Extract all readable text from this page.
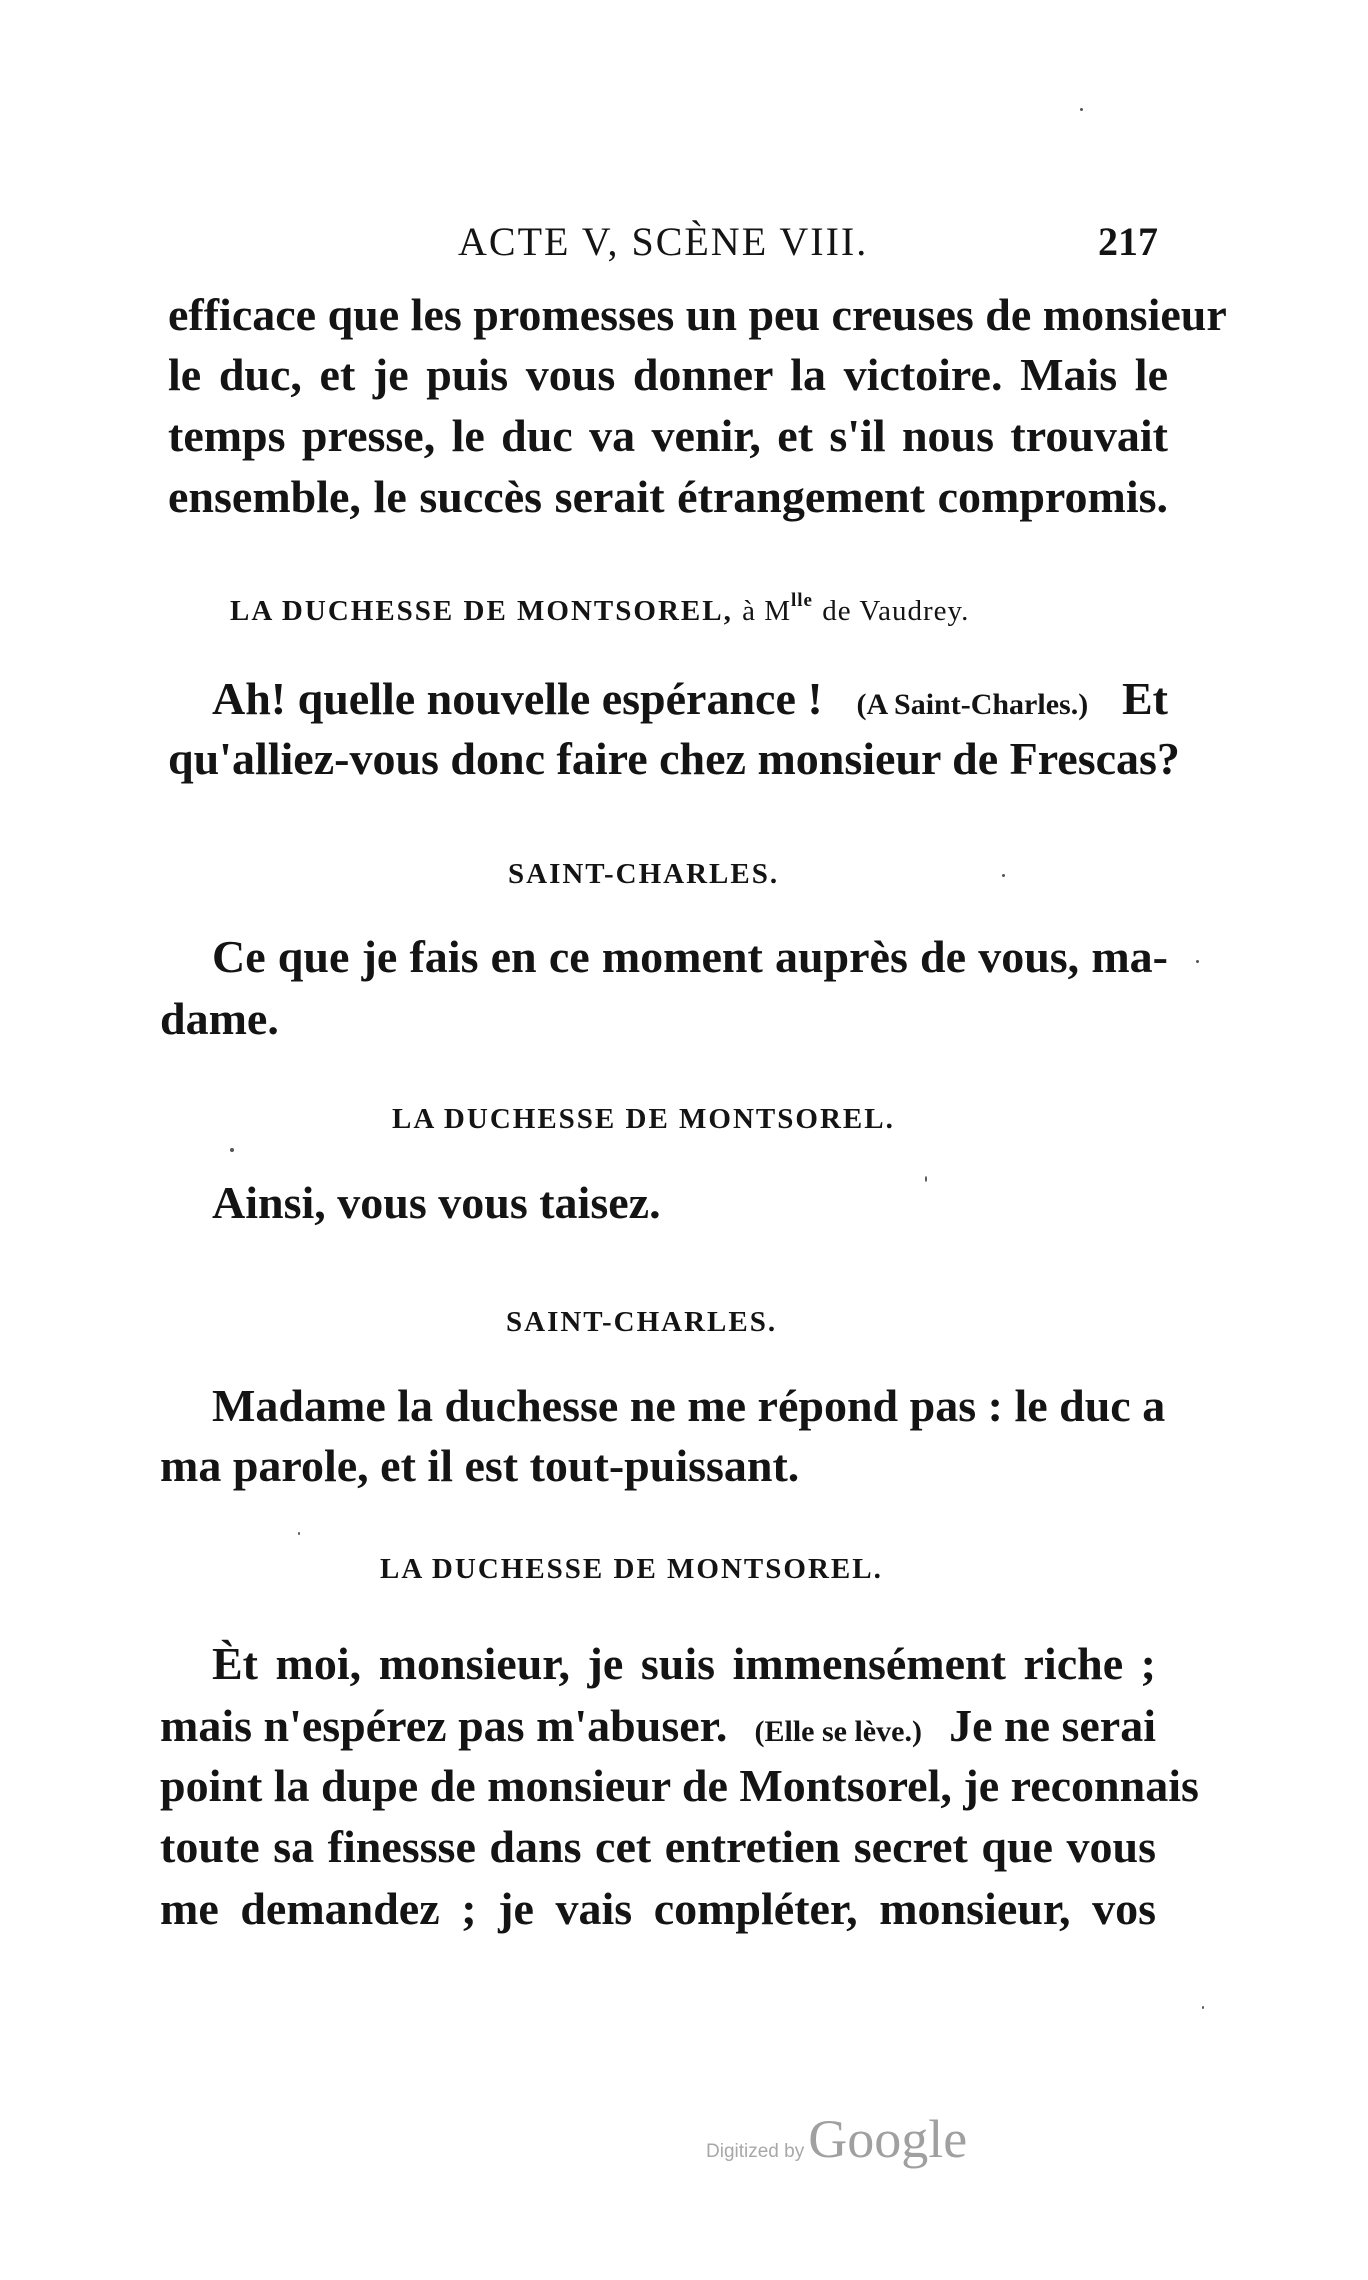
ACTE V, SCÈNE VIII.	217
efficace que les promesses un peu creuses de monsieur
le duc, et je puis vous donner la victoire. Mais le
temps presse, le duc va venir, et s'il nous trouvait
ensemble, le succès serait étrangement compromis.
LA DUCHESSE DE MONTSOREL, à $M^{lle}$ de Vaudrey.
Ah! quelle nouvelle espérance ! (A Saint-Charles.) Et
qu'alliez-vous donc faire chez monsieur de Frescas?
SAINT-CHARLES.
Ce que je fais en ce moment auprès de vous, ma-
dame.
LA DUCHESSE DE MONTSOREL.
Ainsi, vous vous taisez.
SAINT-CHARLES.
Madame la duchesse ne me répond pas : le duc a
ma parole, et il est tout-puissant.
LA DUCHESSE DE MONTSOREL.
Èt moi, monsieur, je suis immensément riche ;
mais n'espérez pas m'abuser. (Elle se lève.) Je ne serai
point la dupe de monsieur de Montsorel, je reconnais
toute sa finessse dans cet entretien secret que vous
me demandez ; je vais compléter, monsieur, vos
Digitized by Google
